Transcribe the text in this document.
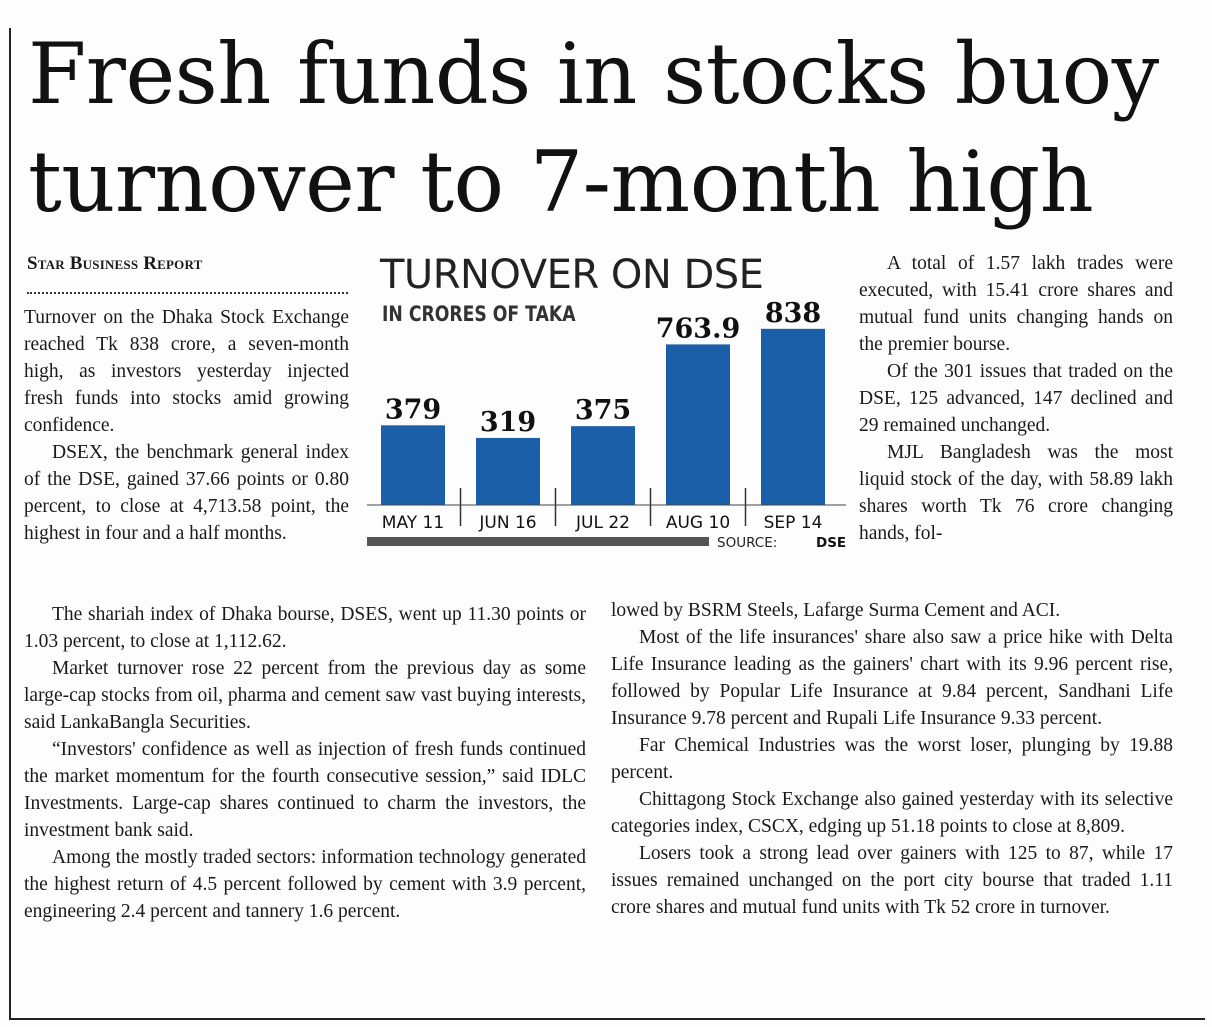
Fresh funds in stocks buoy turnover to 7-month high
Star Business Report

Turnover on the Dhaka Stock Exchange reached Tk 838 crore, a seven-month high, as investors yesterday injected fresh funds into stocks amid growing confidence.

DSEX, the benchmark general index of the DSE, gained 37.66 points or 0.80 percent, to close at 4,713.58 point, the highest in four and a half months.

The shariah index of Dhaka bourse, DSES, went up 11.30 points or 1.03 percent, to close at 1,112.62.

Market turnover rose 22 percent from the previous day as some large-cap stocks from oil, pharma and cement saw vast buying interests, said LankaBangla Securities.

“Investors' confidence as well as injection of fresh funds continued the market momentum for the fourth consecutive session,” said IDLC Investments. Large-cap shares continued to charm the investors, the investment bank said.

Among the mostly traded sectors: information technology generated the highest return of 4.5 percent followed by cement with 3.9 percent, engineering 2.4 percent and tannery 1.6 percent.

A total of 1.57 lakh trades were executed, with 15.41 crore shares and mutual fund units changing hands on the premier bourse.

Of the 301 issues that traded on the DSE, 125 advanced, 147 declined and 29 remained unchanged.

MJL Bangladesh was the most liquid stock of the day, with 58.89 lakh shares worth Tk 76 crore changing hands, fol-

lowed by BSRM Steels, Lafarge Surma Cement and ACI.

Most of the life insurances' share also saw a price hike with Delta Life Insurance leading as the gainers' chart with its 9.96 percent rise, followed by Popular Life Insurance at 9.84 percent, Sandhani Life Insurance 9.78 percent and Rupali Life Insurance 9.33 percent.

Far Chemical Industries was the worst loser, plunging by 19.88 percent.

Chittagong Stock Exchange also gained yesterday with its selective categories index, CSCX, edging up 51.18 points to close at 8,809.

Losers took a strong lead over gainers with 125 to 87, while 17 issues remained unchanged on the port city bourse that traded 1.11 crore shares and mutual fund units with Tk 52 crore in turnover.

TURNOVER ON DSE
IN CRORES OF TAKA
379 319 375
763.9
838
MAY 11 JUN 16 JUL 22 AUG 10 SEP 14
SOURCE:	DSE
